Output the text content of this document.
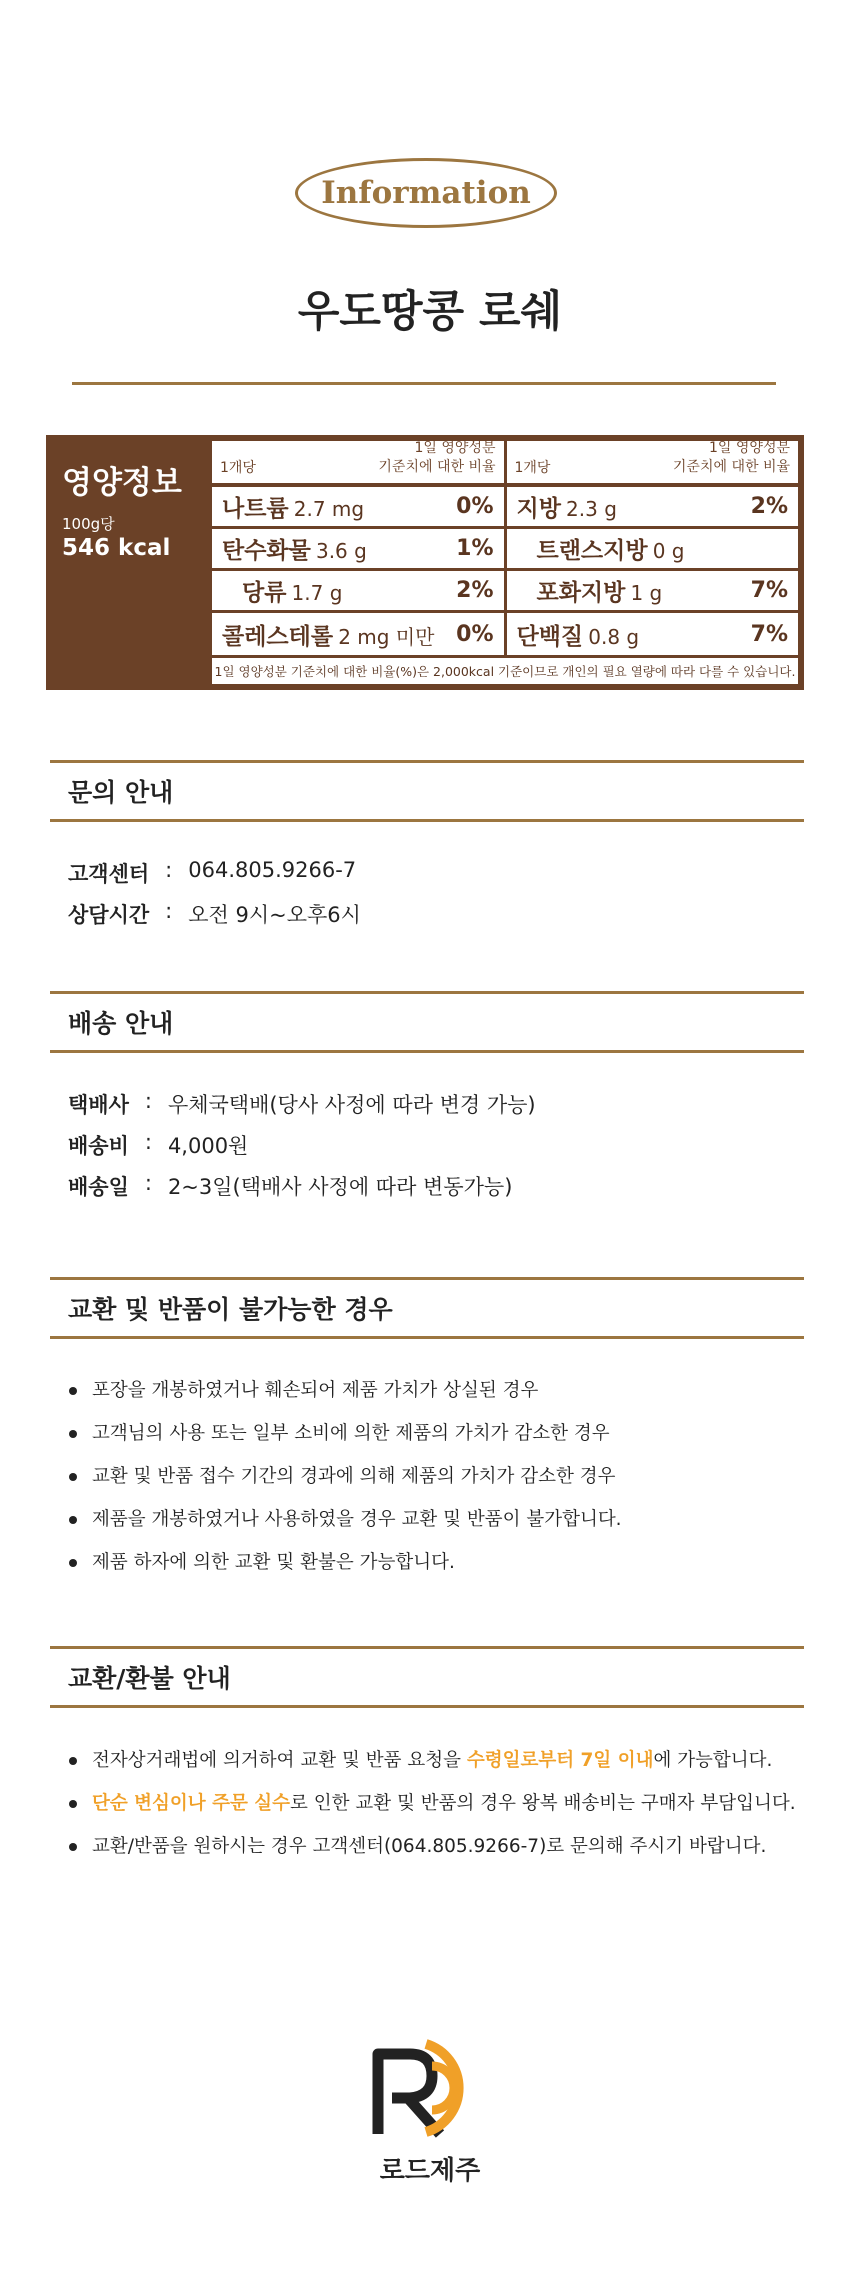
Information
우도땅콩 로쉐
영양정보
100g당
546 kcal
1개당
1일 영양성분
기준치에 대한 비율
나트륨 2.7 mg	0%
탄수화물 3.6 g	1%
당류 1.7 g	2%
콜레스테롤 2 mg 미만 0%
1개당
1일 영양성분
기준치에 대한 비율
지방 2.3 g	2%
트랜스지방 0 g
포화지방 1 g	7%
단백질 0.8 g	7%
1일 영양성분 기준치에 대한 비율(%)은 2,000kcal 기준이므로 개인의 필요 열량에 따라 다를 수 있습니다.
문의 안내
고객센터 : 064.805.9266-7
상담시간 : 오전 9시~오후6시
배송 안내
택배사 : 우체국택배(당사 사정에 따라 변경 가능)
배송비 : 4,000원
배송일 : 2~3일(택배사 사정에 따라 변동가능)
교환 및 반품이 불가능한 경우
포장을 개봉하였거나 훼손되어 제품 가치가 상실된 경우
고객님의 사용 또는 일부 소비에 의한 제품의 가치가 감소한 경우
교환 및 반품 접수 기간의 경과에 의해 제품의 가치가 감소한 경우
제품을 개봉하였거나 사용하였을 경우 교환 및 반품이 불가합니다.
제품 하자에 의한 교환 및 환불은 가능합니다.
교환/환불 안내
전자상거래법에 의거하여 교환 및 반품 요청을 수령일로부터 7일 이내에 가능합니다.
단순 변심이나 주문 실수로 인한 교환 및 반품의 경우 왕복 배송비는 구매자 부담입니다.
교환/반품을 원하시는 경우 고객센터(064.805.9266-7)로 문의해 주시기 바랍니다.
로드제주
